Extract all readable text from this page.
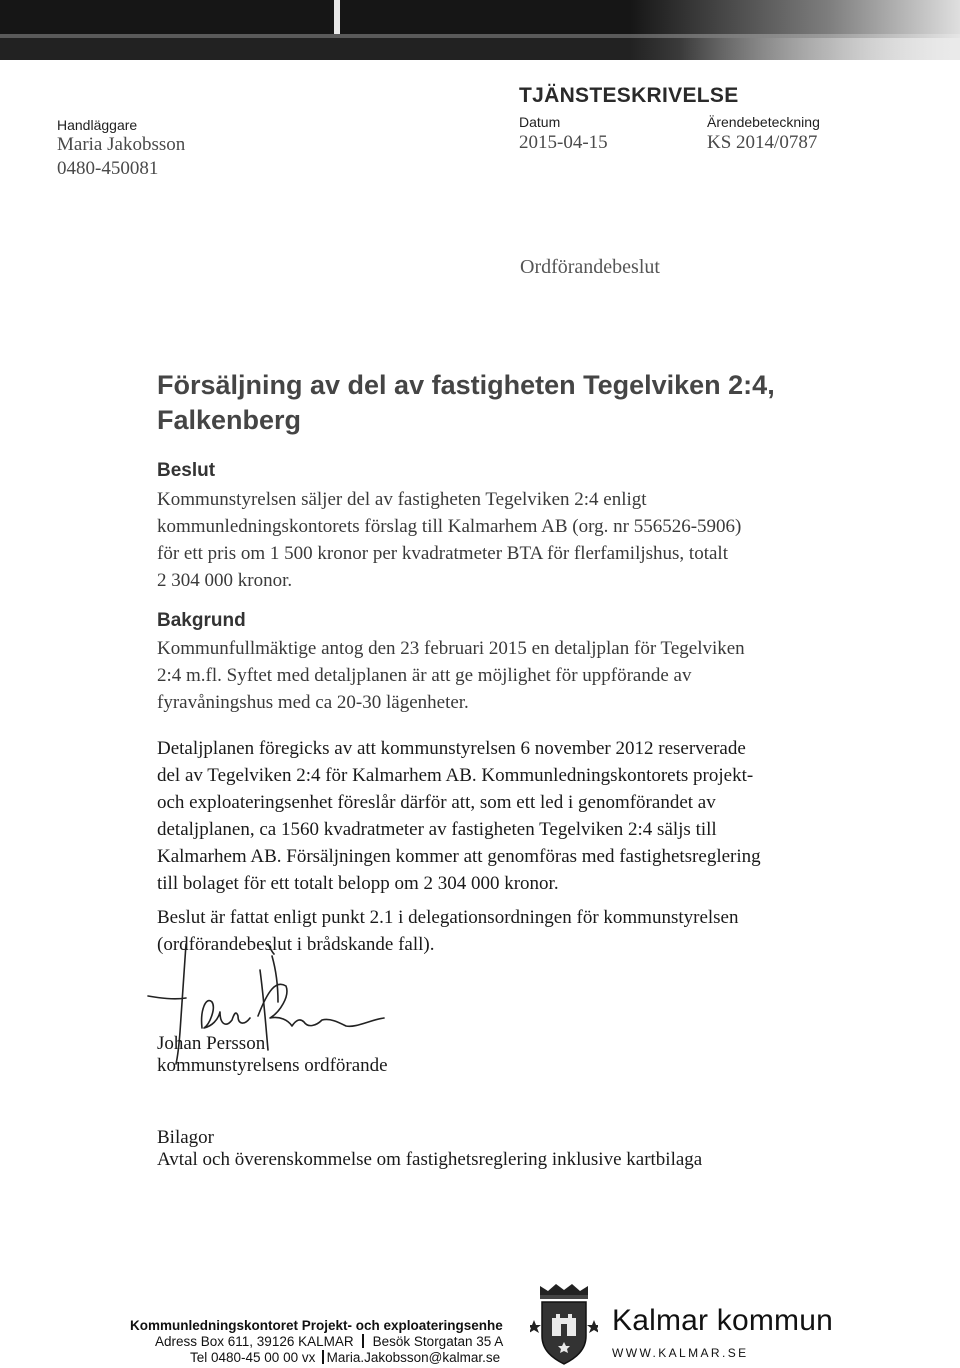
Handläggare
Maria Jakobsson
0480-450081
TJÄNSTESKRIVELSE
Datum
2015-04-15
Ärendebeteckning
KS 2014/0787
Ordförandebeslut
Försäljning av del av fastigheten Tegelviken 2:4, Falkenberg
Beslut
Kommunstyrelsen säljer del av fastigheten Tegelviken 2:4 enligt
kommunledningskontorets förslag till Kalmarhem AB (org. nr 556526-5906)
för ett pris om 1 500 kronor per kvadratmeter BTA för flerfamiljshus, totalt
2 304 000 kronor.
Bakgrund
Kommunfullmäktige antog den 23 februari 2015 en detaljplan för Tegelviken
2:4 m.fl. Syftet med detaljplanen är att ge möjlighet för uppförande av
fyravåningshus med ca 20-30 lägenheter.
Detaljplanen föregicks av att kommunstyrelsen 6 november 2012 reserverade
del av Tegelviken 2:4 för Kalmarhem AB. Kommunledningskontorets projekt-
och exploateringsenhet föreslår därför att, som ett led i genomförandet av
detaljplanen, ca 1560 kvadratmeter av fastigheten Tegelviken 2:4 säljs till
Kalmarhem AB. Försäljningen kommer att genomföras med fastighetsreglering
till bolaget för ett totalt belopp om 2 304 000 kronor.
Beslut är fattat enligt punkt 2.1 i delegationsordningen för kommunstyrelsen
(ordförandebeslut i brådskande fall).
Johan Persson
kommunstyrelsens ordförande
Bilagor
Avtal och överenskommelse om fastighetsreglering inklusive kartbilaga
Kommunledningskontoret Projekt- och exploateringsenhe
Adress Box 611, 39126 KALMAR Besök Storgatan 35 A
Tel 0480-45 00 00 vx Maria.Jakobsson@kalmar.se
Kalmar kommun
WWW.KALMAR.SE
